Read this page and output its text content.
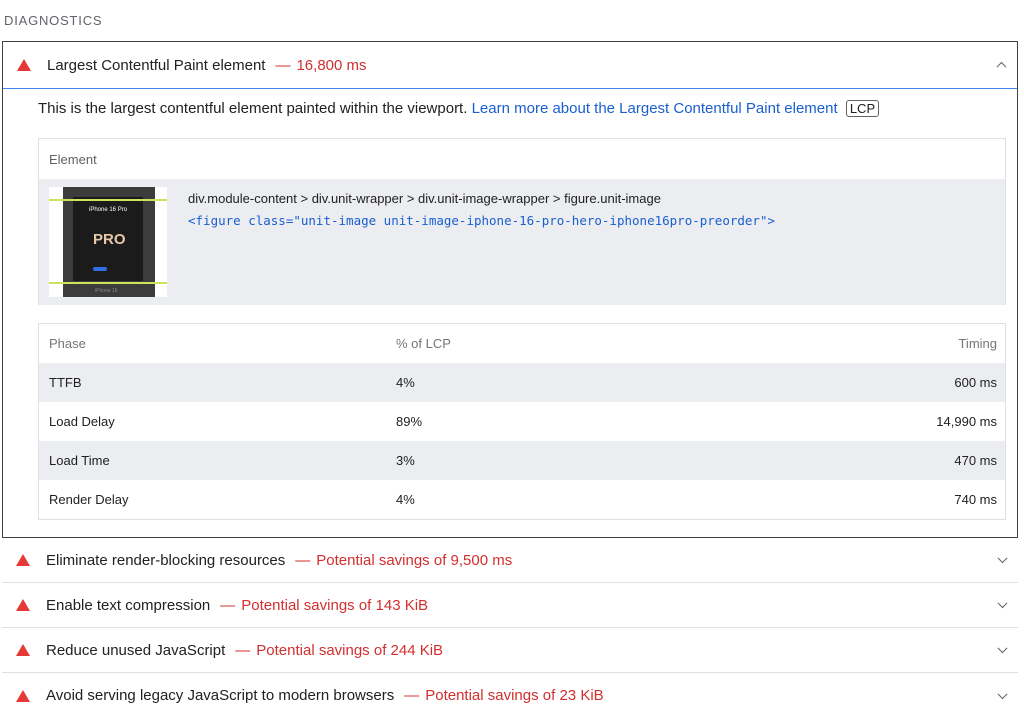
DIAGNOSTICS
Largest Contentful Paint element — 16,800 ms
This is the largest contentful element painted within the viewport. Learn more about the Largest Contentful Paint element LCP
Element
iPhone 16 Pro
PRO
iPhone 16
div.module-content > div.unit-wrapper > div.unit-image-wrapper > figure.unit-image
<figure class="unit-image unit-image-iphone-16-pro-hero-iphone16pro-preorder">
Phase	% of LCP	Timing
TTFB	4%	600 ms
Load Delay	89%	14,990 ms
Load Time	3%	470 ms
Render Delay	4%	740 ms
Eliminate render-blocking resources — Potential savings of 9,500 ms
Enable text compression — Potential savings of 143 KiB
Reduce unused JavaScript — Potential savings of 244 KiB
Avoid serving legacy JavaScript to modern browsers — Potential savings of 23 KiB
